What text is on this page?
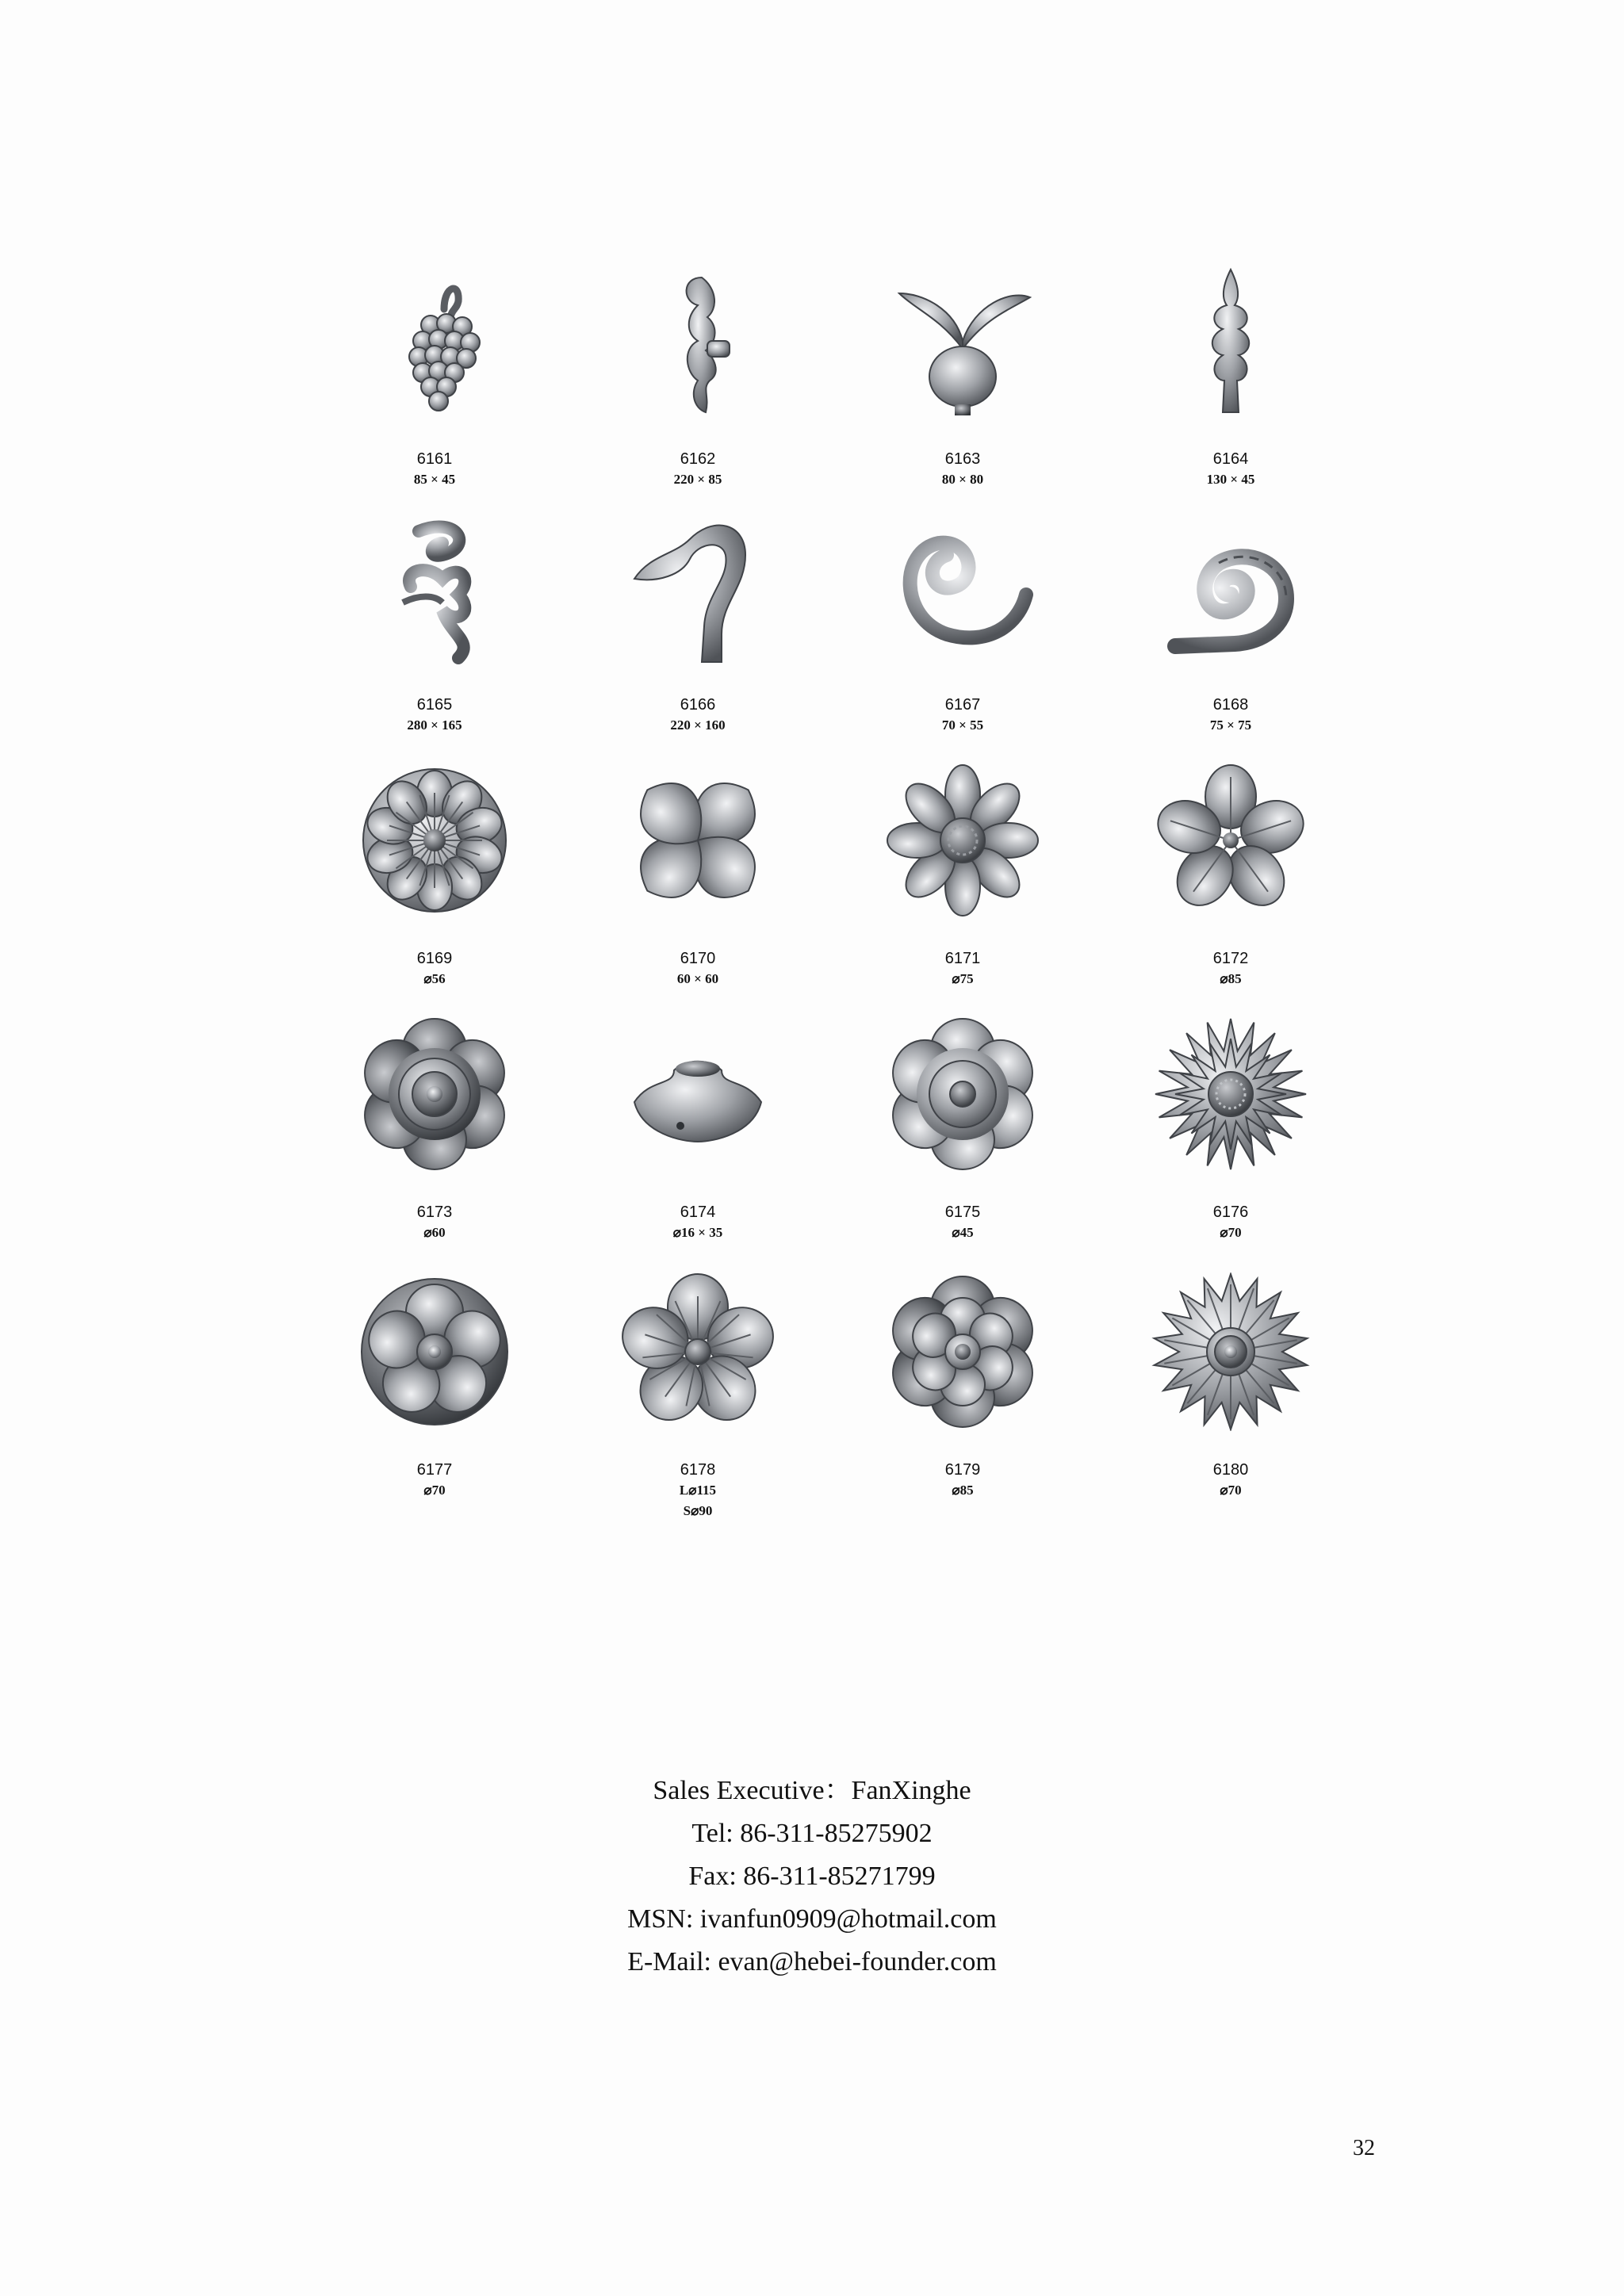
6161
85 × 45
6162
220 × 85
6163
80 × 80
6164
130 × 45
6165
280 × 165
6166
220 × 160
6167
70 × 55
6168
75 × 75
6169
⌀56
6170
60 × 60
6171
⌀75
6172
⌀85
6173
⌀60
6174
⌀16 × 35
6175
⌀45
6176
⌀70
6177
⌀70
6178
L⌀115
S⌀90
6179
⌀85
6180
⌀70
Sales Executive：FanXinghe
Tel: 86-311-85275902
Fax: 86-311-85271799
MSN: ivanfun0909@hotmail.com
E-Mail: evan@hebei-founder.com
32
